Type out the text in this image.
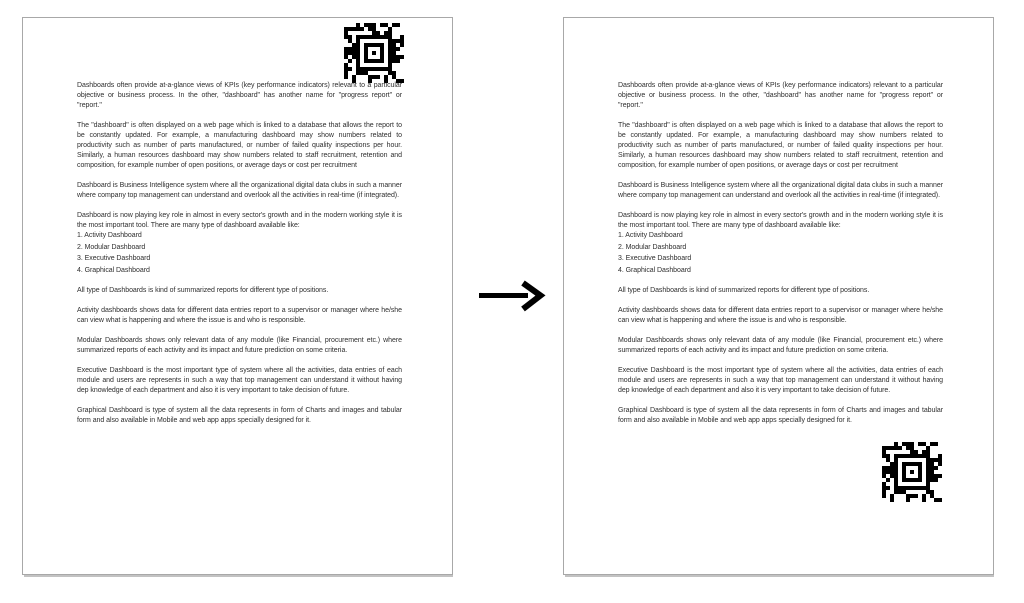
Dashboards often provide at-a-glance views of KPIs (key performance indicators) relevant to a particular objective or business process. In the other, "dashboard" has another name for "progress report" or "report."

The "dashboard" is often displayed on a web page which is linked to a database that allows the report to be constantly updated. For example, a manufacturing dashboard may show numbers related to productivity such as number of parts manufactured, or number of failed quality inspections per hour. Similarly, a human resources dashboard may show numbers related to staff recruitment, retention and composition, for example number of open positions, or average days or cost per recruitment

Dashboard is Business Intelligence system where all the organizational digital data clubs in such a manner where company top management can understand and overlook all the activities in real-time (if integrated).

Dashboard is now playing key role in almost in every sector's growth and in the modern working style it is the most important tool. There are many type of dashboard available like:

1. Activity Dashboard
2. Modular Dashboard
3. Executive Dashboard
4. Graphical Dashboard

All type of Dashboards is kind of summarized reports for different type of positions.

Activity dashboards shows data for different data entries report to a supervisor or manager where he/she can view what is happening and where the issue is and who is responsible.

Modular Dashboards shows only relevant data of any module (like Financial, procurement etc.) where summarized reports of each activity and its impact and future prediction on some criteria.

Executive Dashboard is the most important type of system where all the activities, data entries of each module and users are represents in such a way that top management can understand it without having dep knowledge of each department and also it is very important to take decision of future.

Graphical Dashboard is type of system all the data represents in form of Charts and images and tabular form and also available in Mobile and web app apps specially designed for it.

Dashboards often provide at-a-glance views of KPIs (key performance indicators) relevant to a particular objective or business process. In the other, "dashboard" has another name for "progress report" or "report."

The "dashboard" is often displayed on a web page which is linked to a database that allows the report to be constantly updated. For example, a manufacturing dashboard may show numbers related to productivity such as number of parts manufactured, or number of failed quality inspections per hour. Similarly, a human resources dashboard may show numbers related to staff recruitment, retention and composition, for example number of open positions, or average days or cost per recruitment

Dashboard is Business Intelligence system where all the organizational digital data clubs in such a manner where company top management can understand and overlook all the activities in real-time (if integrated).

Dashboard is now playing key role in almost in every sector's growth and in the modern working style it is the most important tool. There are many type of dashboard available like:

1. Activity Dashboard
2. Modular Dashboard
3. Executive Dashboard
4. Graphical Dashboard

All type of Dashboards is kind of summarized reports for different type of positions.

Activity dashboards shows data for different data entries report to a supervisor or manager where he/she can view what is happening and where the issue is and who is responsible.

Modular Dashboards shows only relevant data of any module (like Financial, procurement etc.) where summarized reports of each activity and its impact and future prediction on some criteria.

Executive Dashboard is the most important type of system where all the activities, data entries of each module and users are represents in such a way that top management can understand it without having dep knowledge of each department and also it is very important to take decision of future.

Graphical Dashboard is type of system all the data represents in form of Charts and images and tabular form and also available in Mobile and web app apps specially designed for it.
